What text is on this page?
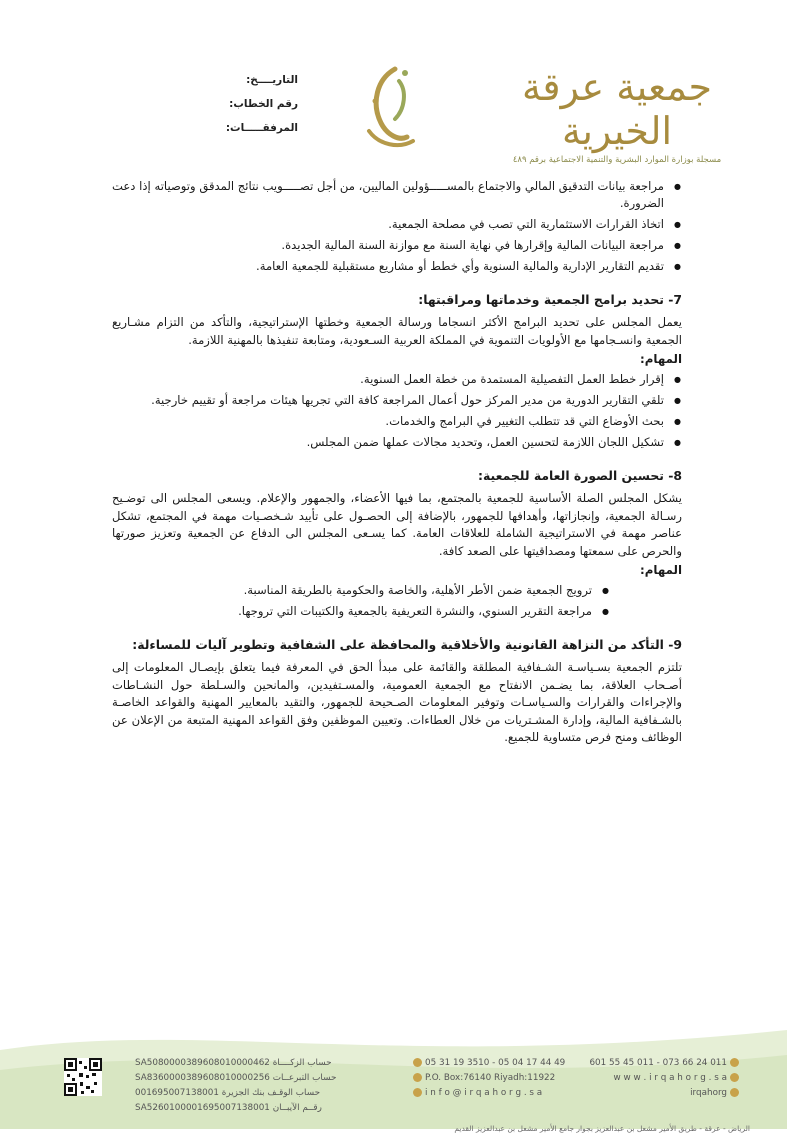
جمعية عرقة الخيرية
مسجلة بوزارة الموارد البشرية والتنمية الاجتماعية برقم ٤٨٩
التاريــــخ:
رقم الخطاب:
المرفقـــــات:
● مراجعة بيانات التدقيق المالي والاجتماع بالمســـــؤولين الماليين، من أجل تصـــــويب نتائج المدقق وتوصياته إذا دعت الضرورة.
● اتخاذ القرارات الاستثمارية التي تصب في مصلحة الجمعية.
● مراجعة البيانات المالية وإقرارها في نهاية السنة مع موازنة السنة المالية الجديدة.
● تقديم التقارير الإدارية والمالية السنوية وأي خطط أو مشاريع مستقبلية للجمعية العامة.
7- تحديد برامج الجمعية وخدماتها ومراقبتها:
يعمل المجلس على تحديد البرامج الأكثر انسجاما ورسالة الجمعية وخطتها الإستراتيجية، والتأكد من التزام مشـاريع الجمعية وانسـجامها مع الأولويات التنموية في المملكة العربية السـعودية، ومتابعة تنفيذها بالمهنية اللازمة.
المهام:
● إقرار خطط العمل التفصيلية المستمدة من خطة العمل السنوية.
● تلقي التقارير الدورية من مدير المركز حول أعمال المراجعة كافة التي تجريها هيئات مراجعة أو تقييم خارجية.
● بحث الأوضاع التي قد تتطلب التغيير في البرامج والخدمات.
● تشكيل اللجان اللازمة لتحسين العمل، وتحديد مجالات عملها ضمن المجلس.
8- تحسين الصورة العامة للجمعية:
يشكل المجلس الصلة الأساسية للجمعية بالمجتمع، بما فيها الأعضاء، والجمهور والإعلام. ويسعى المجلس الى توضـيح رسـالة الجمعية، وإنجازاتها، وأهدافها للجمهور، بالإضافة إلى الحصـول على تأييد شـخصـيات مهمة في المجتمع، تشكل عناصر مهمة في الاستراتيجية الشاملة للعلاقات العامة. كما يسـعى المجلس الى الدفاع عن الجمعية وتعزيز صورتها والحرص على سمعتها ومصداقيتها على الصعد كافة.
المهام:
● ترويج الجمعية ضمن الأطر الأهلية، والخاصة والحكومية بالطريقة المناسبة.
● مراجعة التقرير السنوي، والنشرة التعريفية بالجمعية والكتيبات التي تروجها.
9- التأكد من النزاهة القانونية والأخلاقية والمحافظة على الشفافية وتطوير آليات للمساءلة:
تلتزم الجمعية بسـياسـة الشـفافية المطلقة والقائمة على مبدأ الحق في المعرفة فيما يتعلق بإيصـال المعلومات إلى أصـحاب العلاقة، بما يضـمن الانفتاح مع الجمعية العمومية، والمسـتفيدين، والمانحين والسـلطة حول النشـاطات والإجراءات والقرارات والسـياسـات وتوفير المعلومات الصـحيحة للجمهور، والتقيد بالمعايير المهنية والقواعد الخاصـة بالشـفافية المالية، وإدارة المشـتريات من خلال العطاءات. وتعيين الموظفين وفق القواعد المهنية المتبعة من الإعلان عن الوظائف ومنح فرص متساوية للجميع.
011 24 66 073 - 011 45 55 601
w w w . i r q a h o r g . s a
irqahorg
05 31 19 3510 - 05 04 17 44 49
P.O. Box:76140 Riyadh:11922
i n f o @ i r q a h o r g . s a
SA5080000389608010000462 حساب الزكــــاة
SA8360000389608010000256 حساب التبرعــات
001695007138001 حساب الوقـف بنك الجزيرة
SA5260100001695007138001 رقــم الآيبــان
الرياض - عرقة - طريق الأمير مشعل بن عبدالعزيز بجوار جامع الأمير مشعل بن عبدالعزيز القديم
